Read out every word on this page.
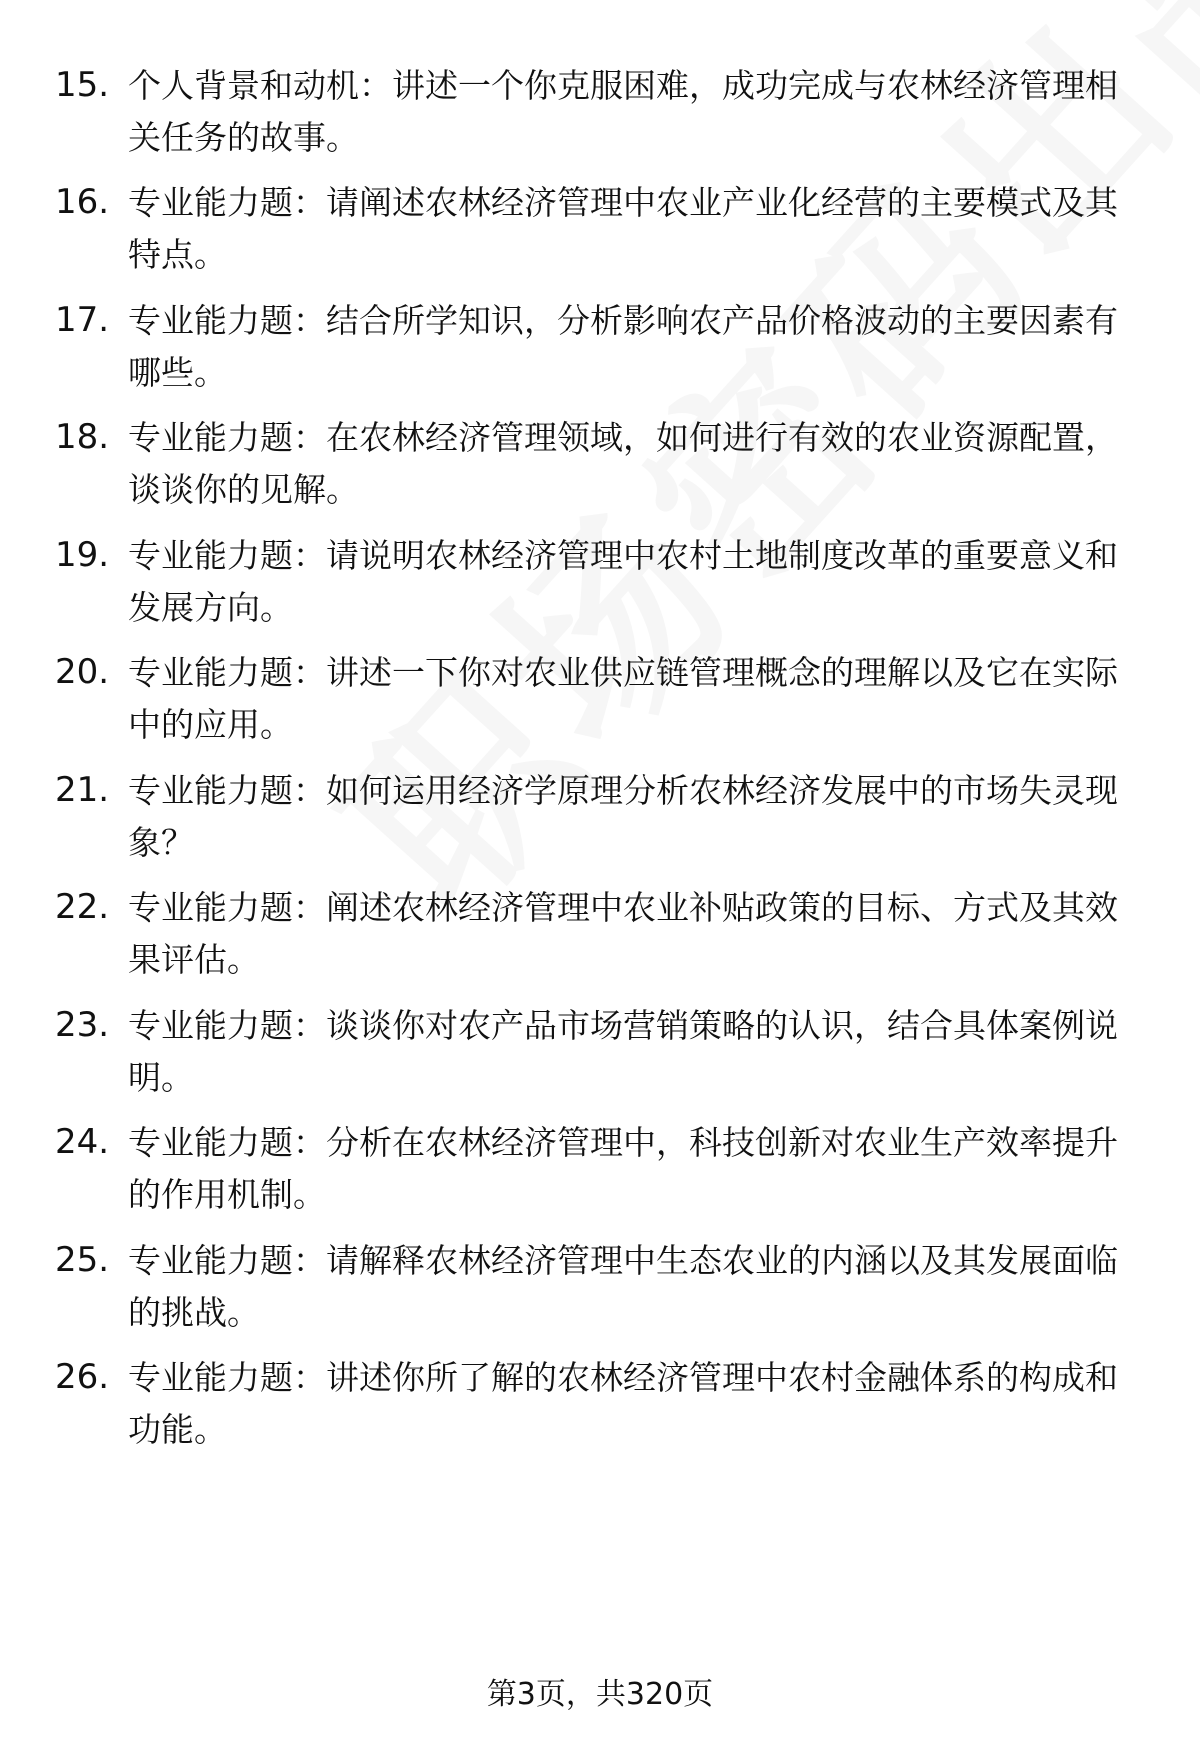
15. 个人背景和动机：讲述一个你克服困难，成功完成与农林经济管理相关任务的故事。
16. 专业能力题：请阐述农林经济管理中农业产业化经营的主要模式及其特点。
17. 专业能力题：结合所学知识，分析影响农产品价格波动的主要因素有哪些。
18. 专业能力题：在农林经济管理领域，如何进行有效的农业资源配置，谈谈你的见解。
19. 专业能力题：请说明农林经济管理中农村土地制度改革的重要意义和发展方向。
20. 专业能力题：讲述一下你对农业供应链管理概念的理解以及它在实际中的应用。
21. 专业能力题：如何运用经济学原理分析农林经济发展中的市场失灵现象？
22. 专业能力题：阐述农林经济管理中农业补贴政策的目标、方式及其效果评估。
23. 专业能力题：谈谈你对农产品市场营销策略的认识，结合具体案例说明。
24. 专业能力题：分析在农林经济管理中，科技创新对农业生产效率提升的作用机制。
25. 专业能力题：请解释农林经济管理中生态农业的内涵以及其发展面临的挑战。
26. 专业能力题：讲述你所了解的农林经济管理中农村金融体系的构成和功能。
第3页，共320页
